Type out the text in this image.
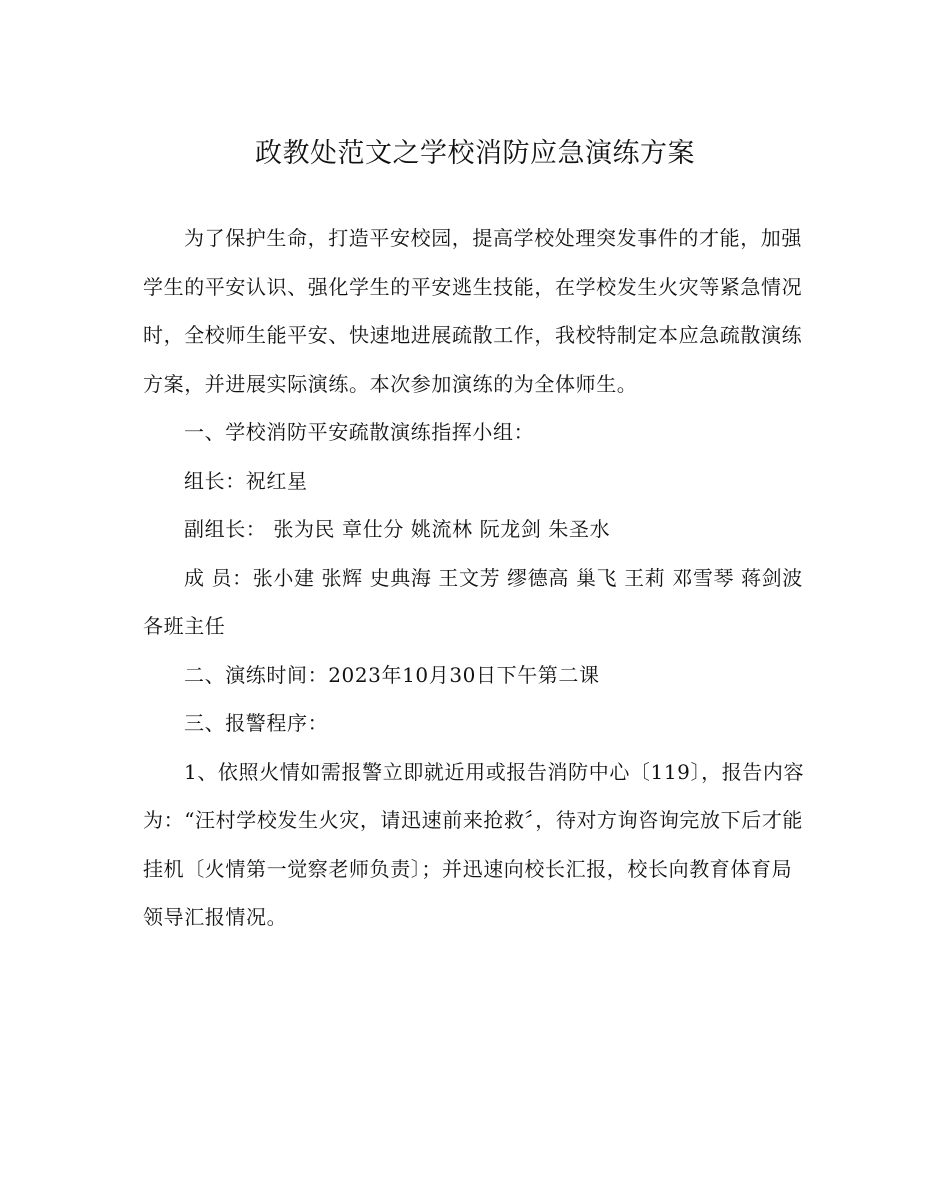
政教处范文之学校消防应急演练方案

为了保护生命，打造平安校园，提高学校处理突发事件的才能，加强学生的平安认识、强化学生的平安逃生技能，在学校发生火灾等紧急情况时，全校师生能平安、快速地进展疏散工作，我校特制定本应急疏散演练方案，并进展实际演练。本次参加演练的为全体师生。

一、学校消防平安疏散演练指挥小组：

组长：祝红星

副组长： 张为民 章仕分 姚流林 阮龙剑 朱圣水

成 员：张小建 张辉 史典海 王文芳 缪德高 巢飞 王莉 邓雪琴 蒋剑波 各班主任

二、演练时间：2023年10月30日下午第二课

三、报警程序：

1、依照火情如需报警立即就近用或报告消防中心〔119〕，报告内容为：“汪村学校发生火灾，请迅速前来抢救〞，待对方询咨询完放下后才能挂机〔火情第一觉察老师负责〕；并迅速向校长汇报，校长向教育体育局领导汇报情况。
